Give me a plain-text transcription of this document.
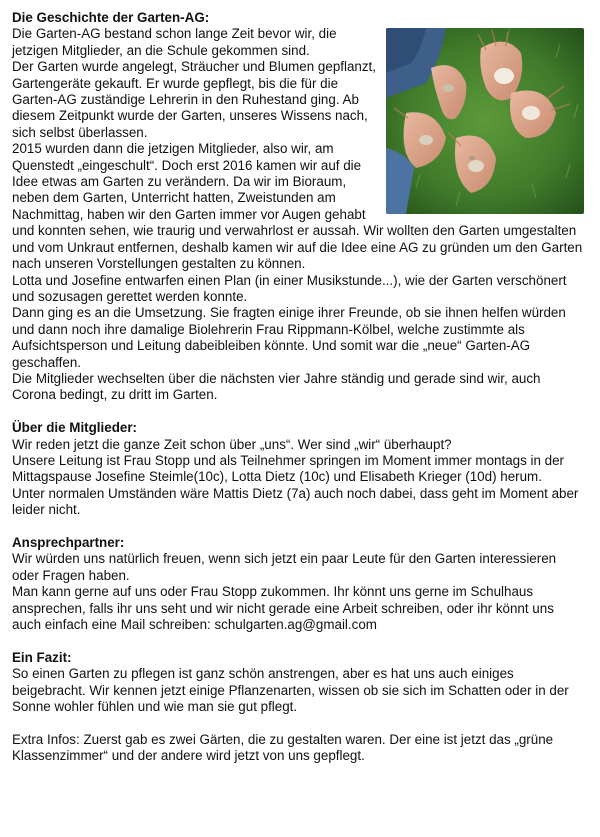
Die Geschichte der Garten-AG:

Die Garten-AG bestand schon lange Zeit bevor wir, die jetzigen Mitglieder, an die Schule gekommen sind.

Der Garten wurde angelegt, Sträucher und Blumen gepflanzt, Gartengeräte gekauft. Er wurde gepflegt, bis die für die Garten-AG zuständige Lehrerin in den Ruhestand ging. Ab diesem Zeitpunkt wurde der Garten, unseres Wissens nach, sich selbst überlassen.

2015 wurden dann die jetzigen Mitglieder, also wir, am Quenstedt „eingeschult“. Doch erst 2016 kamen wir auf die Idee etwas am Garten zu verändern. Da wir im Bioraum, neben dem Garten, Unterricht hatten, Zweistunden am Nachmittag, haben wir den Garten immer vor Augen gehabt und konnten sehen, wie traurig und verwahrlost er aussah. Wir wollten den Garten umgestalten und vom Unkraut entfernen, deshalb kamen wir auf die Idee eine AG zu gründen um den Garten nach unseren Vorstellungen gestalten zu können.

Lotta und Josefine entwarfen einen Plan (in einer Musikstunde...), wie der Garten verschönert und sozusagen gerettet werden konnte.

Dann ging es an die Umsetzung. Sie fragten einige ihrer Freunde, ob sie ihnen helfen würden und dann noch ihre damalige Biolehrerin Frau Rippmann-Kölbel, welche zustimmte als Aufsichtsperson und Leitung dabeibleiben könnte. Und somit war die „neue“ Garten-AG geschaffen.

Die Mitglieder wechselten über die nächsten vier Jahre ständig und gerade sind wir, auch Corona bedingt, zu dritt im Garten.

Über die Mitglieder:

Wir reden jetzt die ganze Zeit schon über „uns“. Wer sind „wir“ überhaupt?

Unsere Leitung ist Frau Stopp und als Teilnehmer springen im Moment immer montags in der Mittagspause Josefine Steimle(10c), Lotta Dietz (10c) und Elisabeth Krieger (10d) herum.

Unter normalen Umständen wäre Mattis Dietz (7a) auch noch dabei, dass geht im Moment aber leider nicht.

Ansprechpartner:

Wir würden uns natürlich freuen, wenn sich jetzt ein paar Leute für den Garten interessieren oder Fragen haben.

Man kann gerne auf uns oder Frau Stopp zukommen. Ihr könnt uns gerne im Schulhaus ansprechen, falls ihr uns seht und wir nicht gerade eine Arbeit schreiben, oder ihr könnt uns auch einfach eine Mail schreiben: schulgarten.ag@gmail.com

Ein Fazit:

So einen Garten zu pflegen ist ganz schön anstrengen, aber es hat uns auch einiges beigebracht. Wir kennen jetzt einige Pflanzenarten, wissen ob sie sich im Schatten oder in der Sonne wohler fühlen und wie man sie gut pflegt.

Extra Infos: Zuerst gab es zwei Gärten, die zu gestalten waren. Der eine ist jetzt das „grüne Klassenzimmer“ und der andere wird jetzt von uns gepflegt.
